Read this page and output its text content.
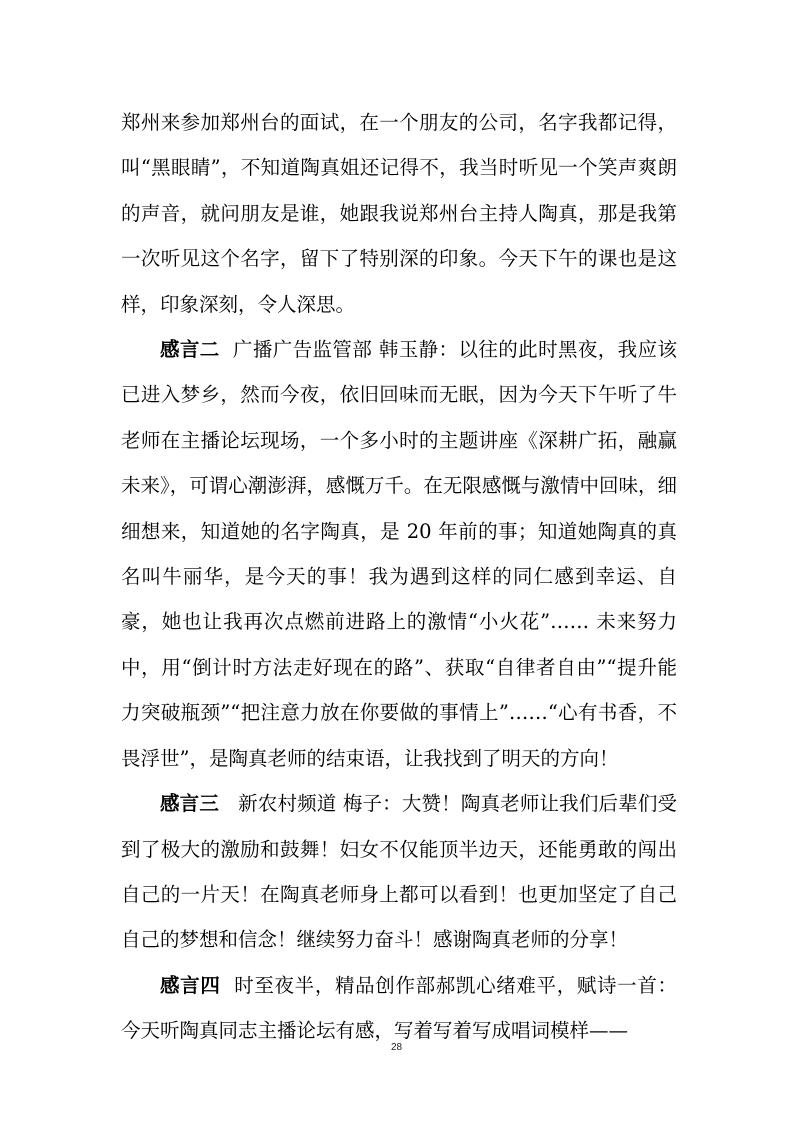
郑州来参加郑州台的面试，在一个朋友的公司，名字我都记得，叫“黑眼睛”，不知道陶真姐还记得不，我当时听见一个笑声爽朗的声音，就问朋友是谁，她跟我说郑州台主持人陶真，那是我第一次听见这个名字，留下了特别深的印象。今天下午的课也是这样，印象深刻，令人深思。

感言二 广播广告监管部 韩玉静：以往的此时黑夜，我应该已进入梦乡，然而今夜，依旧回味而无眠，因为今天下午听了牛老师在主播论坛现场，一个多小时的主题讲座《深耕广拓，融赢未来》，可谓心潮澎湃，感慨万千。在无限感慨与激情中回味，细细想来，知道她的名字陶真，是 20 年前的事；知道她陶真的真名叫牛丽华，是今天的事！我为遇到这样的同仁感到幸运、自豪，她也让我再次点燃前进路上的激情“小火花”…… 未来努力中，用“倒计时方法走好现在的路”、获取“自律者自由”“提升能力突破瓶颈”“把注意力放在你要做的事情上”……“心有书香，不畏浮世”，是陶真老师的结束语，让我找到了明天的方向！

感言三 新农村频道 梅子：大赞！陶真老师让我们后辈们受到了极大的激励和鼓舞！妇女不仅能顶半边天，还能勇敢的闯出自己的一片天！在陶真老师身上都可以看到！也更加坚定了自己自己的梦想和信念！继续努力奋斗！感谢陶真老师的分享！

感言四 时至夜半，精品创作部郝凯心绪难平，赋诗一首：今天听陶真同志主播论坛有感，写着写着写成唱词模样——

28
